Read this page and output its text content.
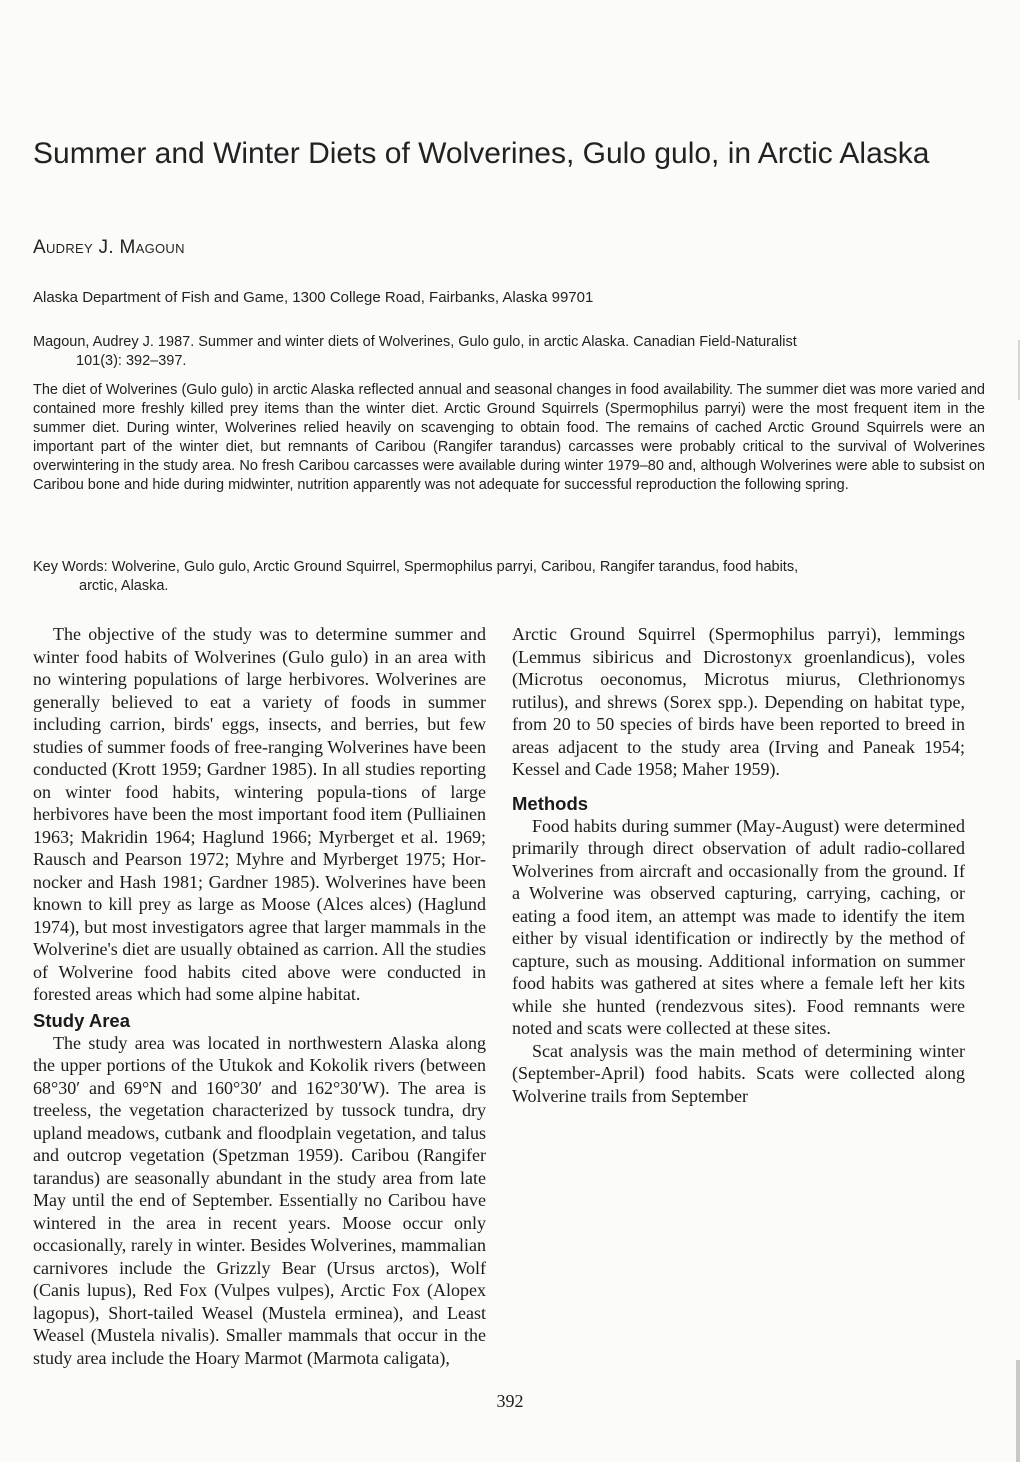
Summer and Winter Diets of Wolverines, Gulo gulo, in Arctic Alaska
Audrey J. Magoun
Alaska Department of Fish and Game, 1300 College Road, Fairbanks, Alaska 99701
Magoun, Audrey J. 1987. Summer and winter diets of Wolverines, Gulo gulo, in arctic Alaska. Canadian Field-Naturalist
101(3): 392–397.

The diet of Wolverines (Gulo gulo) in arctic Alaska reflected annual and seasonal changes in food availability. The summer diet was more varied and contained more freshly killed prey items than the winter diet. Arctic Ground Squirrels (Spermophilus parryi) were the most frequent item in the summer diet. During winter, Wolverines relied heavily on scavenging to obtain food. The remains of cached Arctic Ground Squirrels were an important part of the winter diet, but remnants of Caribou (Rangifer tarandus) carcasses were probably critical to the survival of Wolverines overwintering in the study area. No fresh Caribou carcasses were available during winter 1979–80 and, although Wolverines were able to subsist on Caribou bone and hide during midwinter, nutrition apparently was not adequate for successful reproduction the following spring.

Key Words: Wolverine, Gulo gulo, Arctic Ground Squirrel, Spermophilus parryi, Caribou, Rangifer tarandus, food habits,
arctic, Alaska.

The objective of the study was to determine summer and winter food habits of Wolverines (Gulo gulo) in an area with no wintering populations of large herbivores. Wolverines are generally believed to eat a variety of foods in summer including carrion, birds' eggs, insects, and berries, but few studies of summer foods of free-ranging Wolverines have been conducted (Krott 1959; Gardner 1985). In all studies reporting on winter food habits, wintering popula-tions of large herbivores have been the most important food item (Pulliainen 1963; Makridin 1964; Haglund 1966; Myrberget et al. 1969; Rausch and Pearson 1972; Myhre and Myrberget 1975; Hor-nocker and Hash 1981; Gardner 1985). Wolverines have been known to kill prey as large as Moose (Alces alces) (Haglund 1974), but most investigators agree that larger mammals in the Wolverine's diet are usually obtained as carrion. All the studies of Wolverine food habits cited above were conducted in forested areas which had some alpine habitat.

Study Area

The study area was located in northwestern Alaska along the upper portions of the Utukok and Kokolik rivers (between 68°30′ and 69°N and 160°30′ and 162°30′W). The area is treeless, the vegetation characterized by tussock tundra, dry upland meadows, cutbank and floodplain vegetation, and talus and outcrop vegetation (Spetzman 1959). Caribou (Rangifer tarandus) are seasonally abundant in the study area from late May until the end of September. Essentially no Caribou have wintered in the area in recent years. Moose occur only occasionally, rarely in winter. Besides Wolverines, mammalian carnivores include the Grizzly Bear (Ursus arctos), Wolf (Canis lupus), Red Fox (Vulpes vulpes), Arctic Fox (Alopex lagopus), Short-tailed Weasel (Mustela erminea), and Least Weasel (Mustela nivalis). Smaller mammals that occur in the study area include the Hoary Marmot (Marmota caligata),

Arctic Ground Squirrel (Spermophilus parryi), lemmings (Lemmus sibiricus and Dicrostonyx groenlandicus), voles (Microtus oeconomus, Microtus miurus, Clethrionomys rutilus), and shrews (Sorex spp.). Depending on habitat type, from 20 to 50 species of birds have been reported to breed in areas adjacent to the study area (Irving and Paneak 1954; Kessel and Cade 1958; Maher 1959).

Methods

Food habits during summer (May-August) were determined primarily through direct observation of adult radio-collared Wolverines from aircraft and occasionally from the ground. If a Wolverine was observed capturing, carrying, caching, or eating a food item, an attempt was made to identify the item either by visual identification or indirectly by the method of capture, such as mousing. Additional information on summer food habits was gathered at sites where a female left her kits while she hunted (rendezvous sites). Food remnants were noted and scats were collected at these sites.

Scat analysis was the main method of determining winter (September-April) food habits. Scats were collected along Wolverine trails from September

392
